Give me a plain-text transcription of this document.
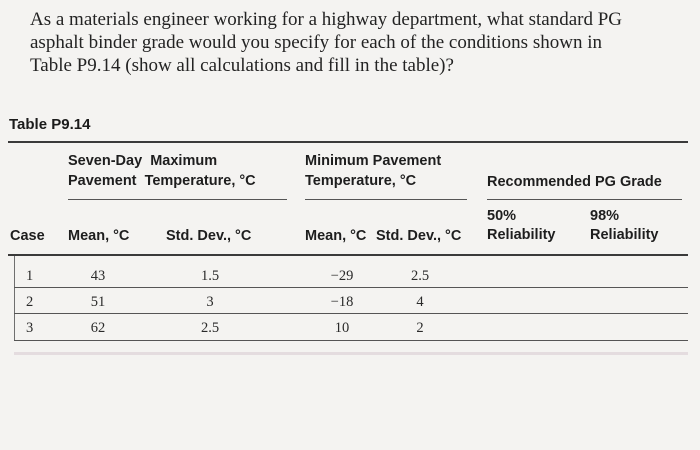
As a materials engineer working for a highway department, what standard PG
asphalt binder grade would you specify for each of the conditions shown in
Table P9.14 (show all calculations and fill in the table)?
Table P9.14
Seven-Day  Maximum
Pavement  Temperature, °C
Minimum Pavement
Temperature, °C	Recommended PG Grade
Case Mean, °C	Std. Dev., °C	Mean, °C Std. Dev., °C
50%
Reliability
98%
Reliability
1	43	1.5	−29	2.5
2	51	3	−18	4
3	62	2.5	10	2
